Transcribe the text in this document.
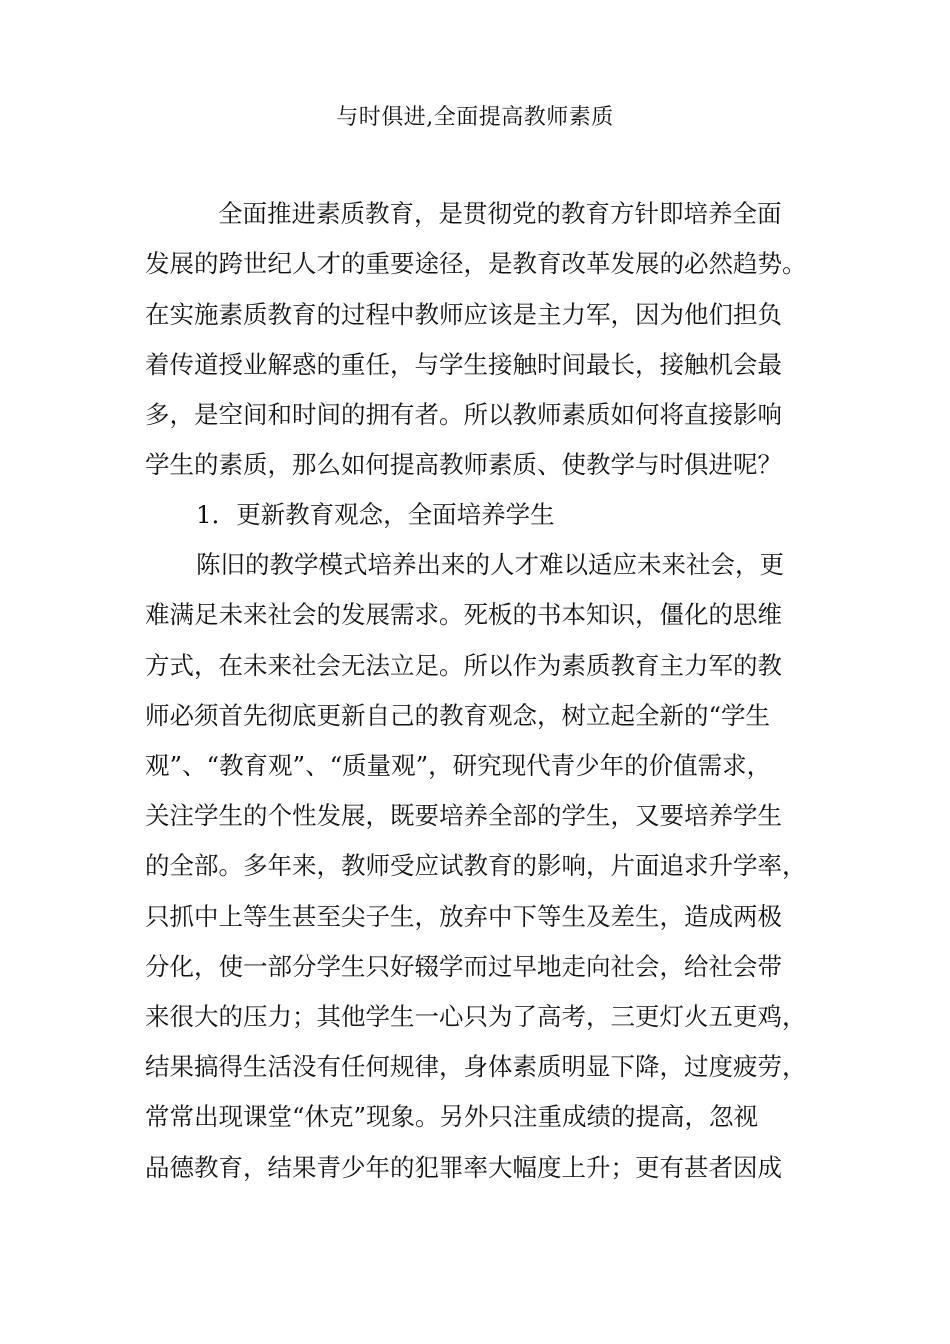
与时俱进,全面提高教师素质
全面推进素质教育，是贯彻党的教育方针即培养全面
发展的跨世纪人才的重要途径，是教育改革发展的必然趋势。
在实施素质教育的过程中教师应该是主力军，因为他们担负
着传道授业解惑的重任，与学生接触时间最长，接触机会最
多，是空间和时间的拥有者。所以教师素质如何将直接影响
学生的素质，那么如何提高教师素质、使教学与时俱进呢？
1．更新教育观念，全面培养学生
陈旧的教学模式培养出来的人才难以适应未来社会，更
难满足未来社会的发展需求。死板的书本知识，僵化的思维
方式，在未来社会无法立足。所以作为素质教育主力军的教
师必须首先彻底更新自己的教育观念，树立起全新的“学生
观”、“教育观”、“质量观”，研究现代青少年的价值需求，
关注学生的个性发展，既要培养全部的学生，又要培养学生
的全部。多年来，教师受应试教育的影响，片面追求升学率，
只抓中上等生甚至尖子生，放弃中下等生及差生，造成两极
分化，使一部分学生只好辍学而过早地走向社会，给社会带
来很大的压力；其他学生一心只为了高考，三更灯火五更鸡，
结果搞得生活没有任何规律，身体素质明显下降，过度疲劳，
常常出现课堂“休克”现象。另外只注重成绩的提高，忽视
品德教育，结果青少年的犯罪率大幅度上升；更有甚者因成
